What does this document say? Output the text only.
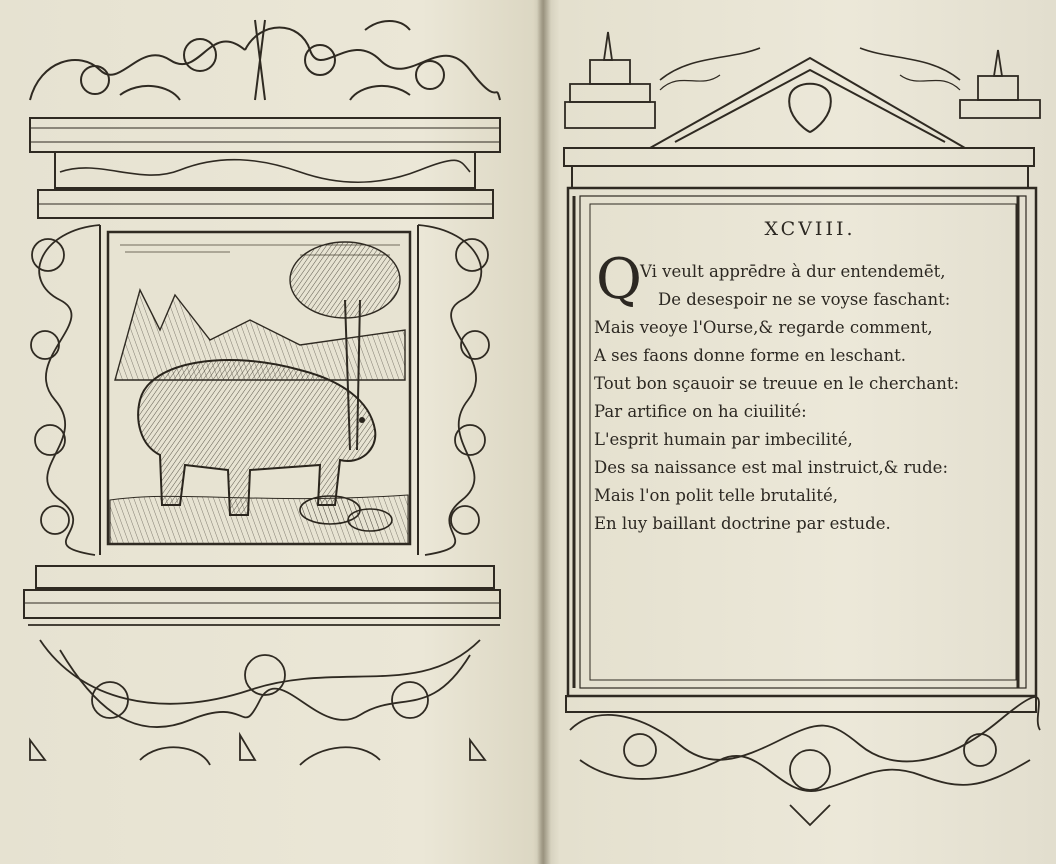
XCVIII.
Q
Vi veult apprēdre à dur entendemēt,
De desespoir ne se voyse faschant:
Mais veoye l'Ourse,& regarde comment,
A ses faons donne forme en leschant.
Tout bon sçauoir se treuue en le cherchant:
Par artifice on ha ciuilité:
L'esprit humain par imbecilité,
Des sa naissance est mal instruict,& rude:
Mais l'on polit telle brutalité,
En luy baillant doctrine par estude.
